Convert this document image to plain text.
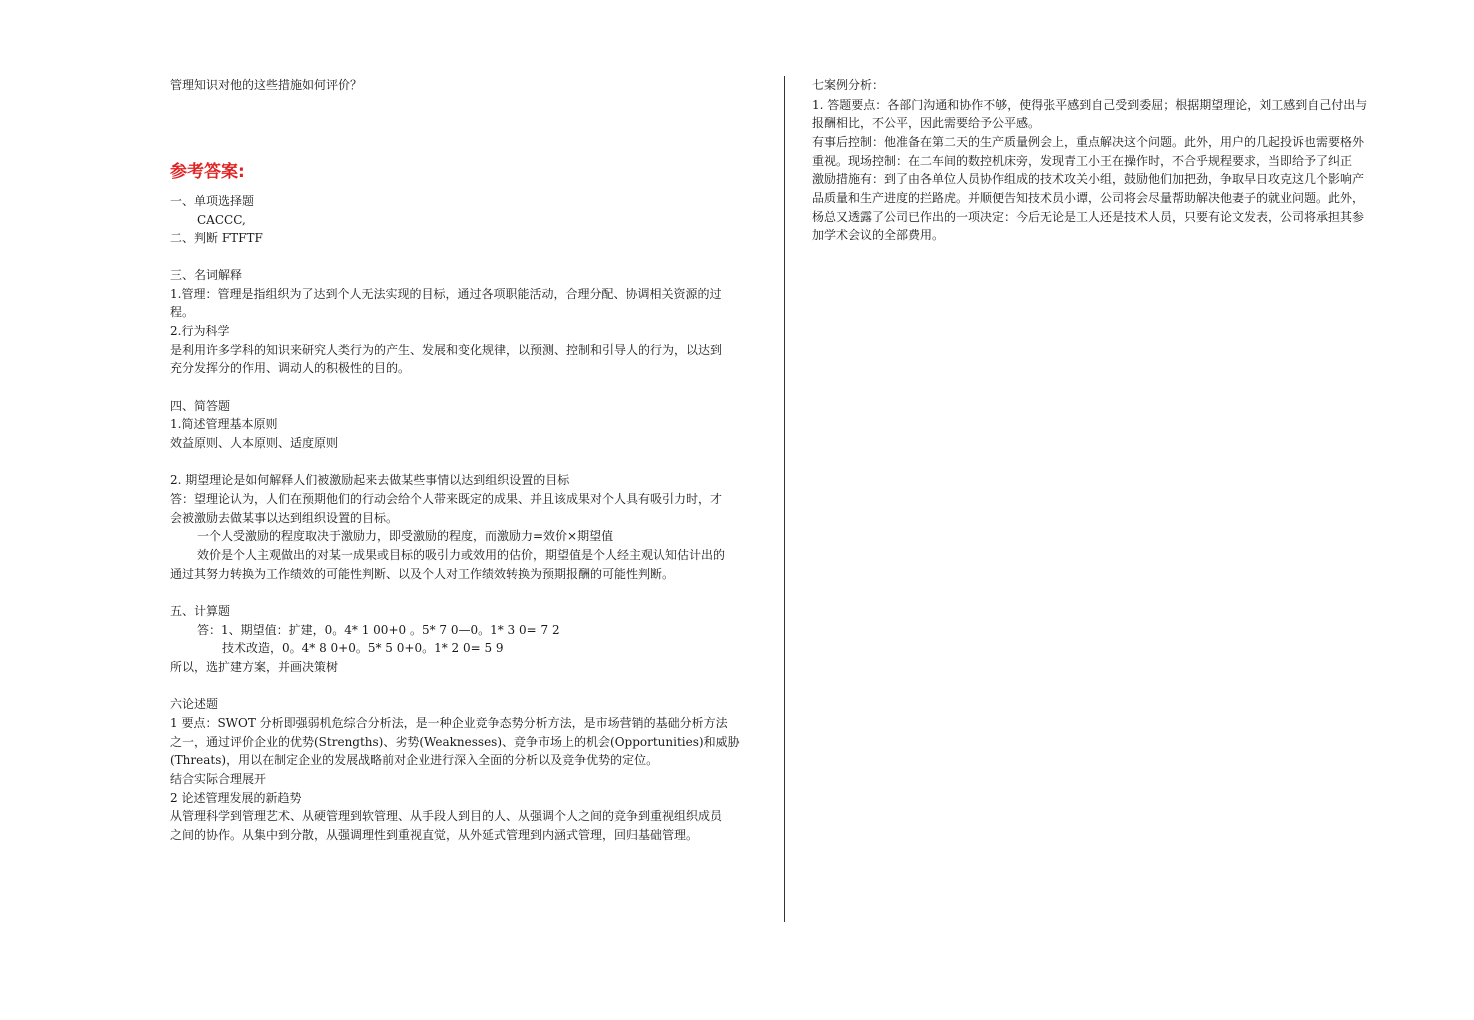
管理知识对他的这些措施如何评价？
参考答案:
一、单项选择题
CACCC,
二、判断 FTFTF
三、名词解释
1.管理：管理是指组织为了达到个人无法实现的目标，通过各项职能活动，合理分配、协调相关资源的过
程。
2.行为科学
是利用许多学科的知识来研究人类行为的产生、发展和变化规律，以预测、控制和引导人的行为，以达到
充分发挥分的作用、调动人的积极性的目的。
四、简答题
1.简述管理基本原则
效益原则、人本原则、适度原则
2. 期望理论是如何解释人们被激励起来去做某些事情以达到组织设置的目标
答：望理论认为，人们在预期他们的行动会给个人带来既定的成果、并且该成果对个人具有吸引力时，才
会被激励去做某事以达到组织设置的目标。
一个人受激励的程度取决于激励力，即受激励的程度，而激励力=效价×期望值
效价是个人主观做出的对某一成果或目标的吸引力或效用的估价，期望值是个人经主观认知估计出的
通过其努力转换为工作绩效的可能性判断、以及个人对工作绩效转换为预期报酬的可能性判断。
五、计算题
答：1、期望值：扩建，0。4* 1 00+0 。5* 7 0—0。1* 3 0= 7 2
技术改造，0。4* 8 0+0。5* 5 0+0。1* 2 0= 5 9
所以，选扩建方案，并画决策树
六论述题
1 要点：SWOT 分析即强弱机危综合分析法，是一种企业竞争态势分析方法，是市场营销的基础分析方法
之一，通过评价企业的优势(Strengths)、劣势(Weaknesses)、竞争市场上的机会(Opportunities)和威胁
(Threats)，用以在制定企业的发展战略前对企业进行深入全面的分析以及竞争优势的定位。
结合实际合理展开
2 论述管理发展的新趋势
从管理科学到管理艺术、从硬管理到软管理、从手段人到目的人、从强调个人之间的竞争到重视组织成员
之间的协作。从集中到分散，从强调理性到重视直觉，从外延式管理到内涵式管理，回归基础管理。
七案例分析：
1. 答题要点：各部门沟通和协作不够，使得张平感到自己受到委屈；根据期望理论，刘工感到自己付出与
报酬相比，不公平，因此需要给予公平感。
有事后控制：他准备在第二天的生产质量例会上，重点解决这个问题。此外，用户的几起投诉也需要格外
重视。现场控制：在二车间的数控机床旁，发现青工小王在操作时，不合乎规程要求，当即给予了纠正
激励措施有：到了由各单位人员协作组成的技术攻关小组，鼓励他们加把劲，争取早日攻克这几个影响产
品质量和生产进度的拦路虎。并顺便告知技术员小谭，公司将会尽量帮助解决他妻子的就业问题。此外，
杨总又透露了公司已作出的一项决定：今后无论是工人还是技术人员，只要有论文发表，公司将承担其参
加学术会议的全部费用。
